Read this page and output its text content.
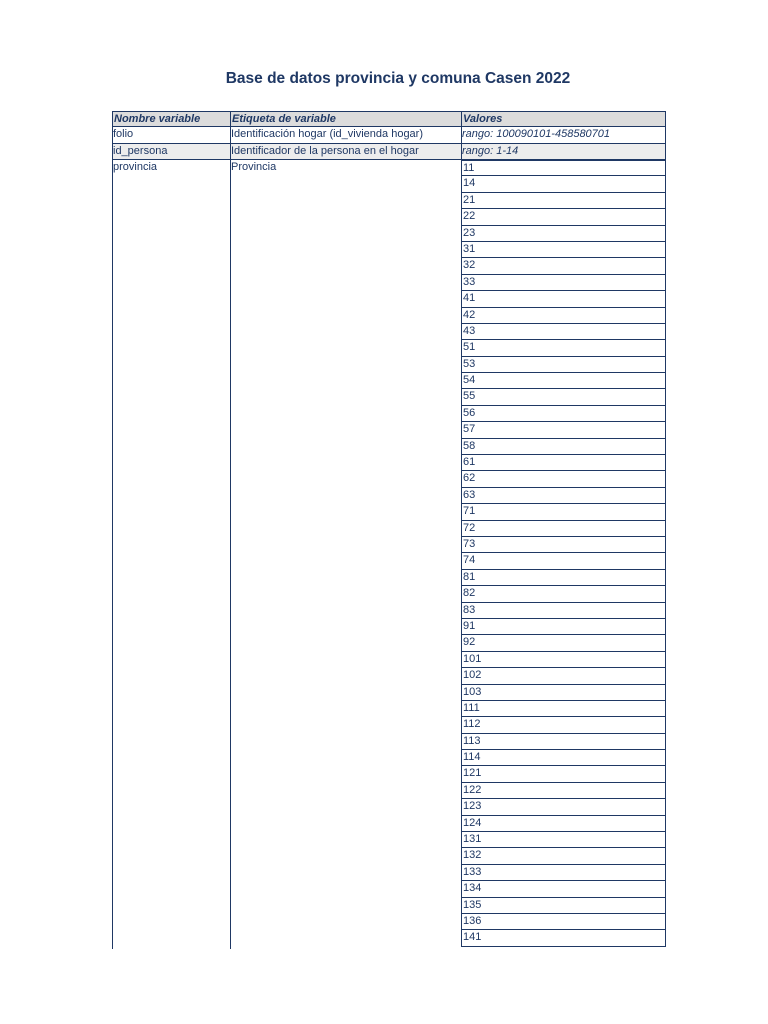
Base de datos provincia y comuna Casen 2022
Nombre variable	Etiqueta de variable	Valores
folio	Identificación hogar (id_vivienda hogar)	rango: 100090101-458580701
id_persona	Identificador de la persona en el hogar	rango: 1-14
provincia	Provincia	11
14
21
22
23
31
32
33
41
42
43
51
53
54
55
56
57
58
61
62
63
71
72
73
74
81
82
83
91
92
101
102
103
111
112
113
114
121
122
123
124
131
132
133
134
135
136
141
